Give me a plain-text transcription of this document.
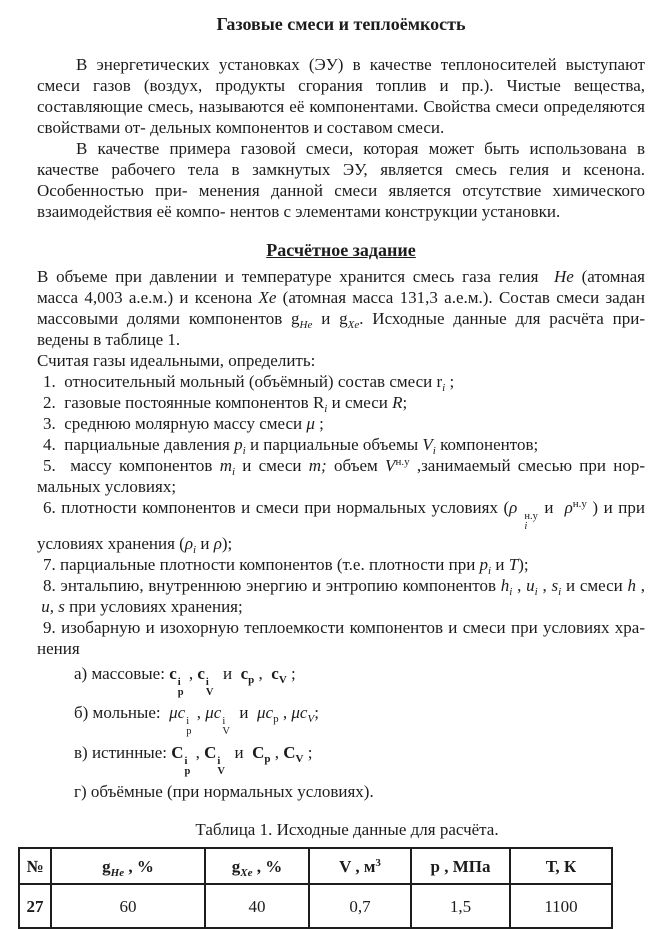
Газовые смеси и теплоёмкость

В энергетических установках (ЭУ) в качестве теплоносителей выступают смеси газов (воздух, продукты сгорания топлив и пр.). Чистые вещества, составляющие смесь, называются её компонентами. Свойства смеси определяются свойствами от- дельных компонентов и составом смеси.

В качестве примера газовой смеси, которая может быть использована в качестве рабочего тела в замкнутых ЭУ, является смесь гелия и ксенона. Особенностью при- менения данной смеси является отсутствие химического взаимодействия её компо- нентов с элементами конструкции установки.

Расчётное задание

В объеме при давлении и температуре хранится смесь газа гелия  He (атомная масса 4,003 а.е.м.) и ксенона Xe (атомная масса 131,3 а.е.м.). Состав смеси задан массовыми долями компонентов $g_{He}$ и $g_{Xe}$. Исходные данные для расчёта при- ведены в таблице 1.

Считая газы идеальными, определить:

1.  относительный мольный (объёмный) состав смеси $r_i$ ;

2.  газовые постоянные компонентов $R_i$ и смеси R;

3.  среднюю молярную массу смеси μ ;

4.  парциальные давления $p_i$ и парциальные объемы $V_i$ компонентов;

5.  массу компонентов $m_i$ и смеси m; объем $V^{н.у}$ ,занимаемый смесью при нор- мальных условиях;

6. плотности компонентов и смеси при нормальных условиях (ρ н.у
i
и  $\rho^{н.у}$ ) и при условиях хранения ($\rho_i$ и ρ);

7. парциальные плотности компонентов (т.е. плотности при $p_i$ и T);

8. энтальпию, внутреннюю энергию и энтропию компонентов $h_i$ , $u_i$ , $s_i$ и смеси h ,  u, s при условиях хранения;

9. изобарную и изохорную теплоемкости компонентов и смеси при условиях хра- нения

а) массовые: c i
p
, c i
V
и  $c_p$ ,  $c_V$ ;

б) мольные:  μc i
p
, μc i
V
и  $\mu c_p$ , $\mu c_V$;

в) истинные: C i
p
, C i
V
и  $C_p$ , $C_V$ ;

г) объёмные (при нормальных условиях).

Таблица 1. Исходные данные для расчёта.

№	$g_{He}$ , %	$g_{Xe}$ , %	V , $м^3$	p , МПа	Т, К
27	60	40	0,7	1,5	1100
